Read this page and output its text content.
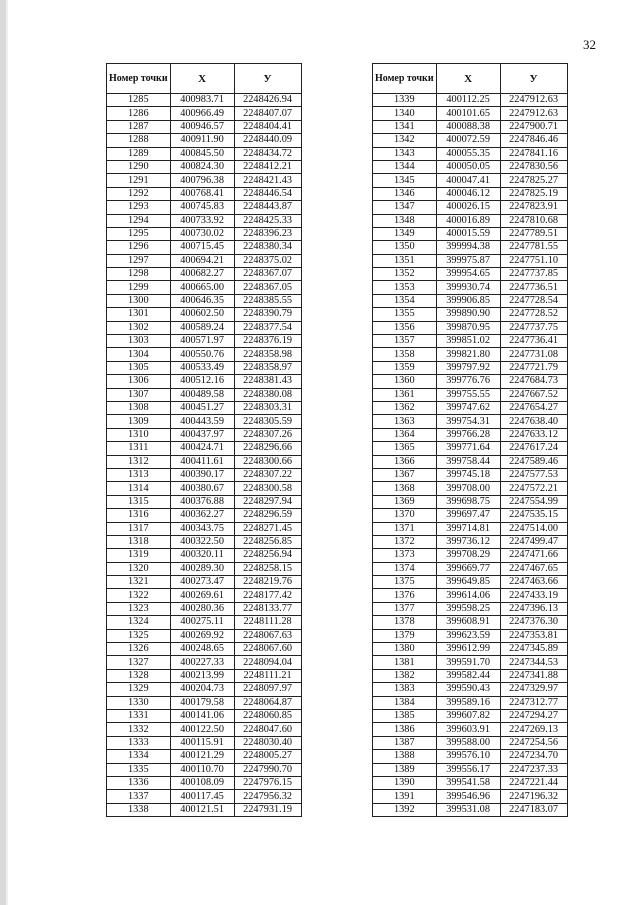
32
Номер точки	X	У
1285	400983.71	2248426.94
1286	400966.49	2248407.07
1287	400946.57	2248404.41
1288	400911.90	2248440.09
1289	400845.50	2248434.72
1290	400824.30	2248412.21
1291	400796.38	2248421.43
1292	400768.41	2248446.54
1293	400745.83	2248443.87
1294	400733.92	2248425.33
1295	400730.02	2248396.23
1296	400715.45	2248380.34
1297	400694.21	2248375.02
1298	400682.27	2248367.07
1299	400665.00	2248367.05
1300	400646.35	2248385.55
1301	400602.50	2248390.79
1302	400589.24	2248377.54
1303	400571.97	2248376.19
1304	400550.76	2248358.98
1305	400533.49	2248358.97
1306	400512.16	2248381.43
1307	400489.58	2248380.08
1308	400451.27	2248303.31
1309	400443.59	2248305.59
1310	400437.97	2248307.26
1311	400424.71	2248296.66
1312	400411.61	2248300.66
1313	400390.17	2248307.22
1314	400380.67	2248300.58
1315	400376.88	2248297.94
1316	400362.27	2248296.59
1317	400343.75	2248271.45
1318	400322.50	2248256.85
1319	400320.11	2248256.94
1320	400289.30	2248258.15
1321	400273.47	2248219.76
1322	400269.61	2248177.42
1323	400280.36	2248133.77
1324	400275.11	2248111.28
1325	400269.92	2248067.63
1326	400248.65	2248067.60
1327	400227.33	2248094.04
1328	400213.99	2248111.21
1329	400204.73	2248097.97
1330	400179.58	2248064.87
1331	400141.06	2248060.85
1332	400122.50	2248047.60
1333	400115.91	2248030.40
1334	400121.29	2248005.27
1335	400110.70	2247990.70
1336	400108.09	2247976.15
1337	400117.45	2247956.32
1338	400121.51	2247931.19
Номер точки	X	У
1339	400112.25	2247912.63
1340	400101.65	2247912.63
1341	400088.38	2247900.71
1342	400072.59	2247846.46
1343	400055.35	2247841.16
1344	400050.05	2247830.56
1345	400047.41	2247825.27
1346	400046.12	2247825.19
1347	400026.15	2247823.91
1348	400016.89	2247810.68
1349	400015.59	2247789.51
1350	399994.38	2247781.55
1351	399975.87	2247751.10
1352	399954.65	2247737.85
1353	399930.74	2247736.51
1354	399906.85	2247728.54
1355	399890.90	2247728.52
1356	399870.95	2247737.75
1357	399851.02	2247736.41
1358	399821.80	2247731.08
1359	399797.92	2247721.79
1360	399776.76	2247684.73
1361	399755.55	2247667.52
1362	399747.62	2247654.27
1363	399754.31	2247638.40
1364	399766.28	2247633.12
1365	399771.64	2247617.24
1366	399758.44	2247589.46
1367	399745.18	2247577.53
1368	399708.00	2247572.21
1369	399698.75	2247554.99
1370	399697.47	2247535.15
1371	399714.81	2247514.00
1372	399736.12	2247499.47
1373	399708.29	2247471.66
1374	399669.77	2247467.65
1375	399649.85	2247463.66
1376	399614.06	2247433.19
1377	399598.25	2247396.13
1378	399608.91	2247376.30
1379	399623.59	2247353.81
1380	399612.99	2247345.89
1381	399591.70	2247344.53
1382	399582.44	2247341.88
1383	399590.43	2247329.97
1384	399589.16	2247312.77
1385	399607.82	2247294.27
1386	399603.91	2247269.13
1387	399588.00	2247254.56
1388	399576.10	2247234.70
1389	399556.17	2247237.33
1390	399541.58	2247221.44
1391	399546.96	2247196.32
1392	399531.08	2247183.07
